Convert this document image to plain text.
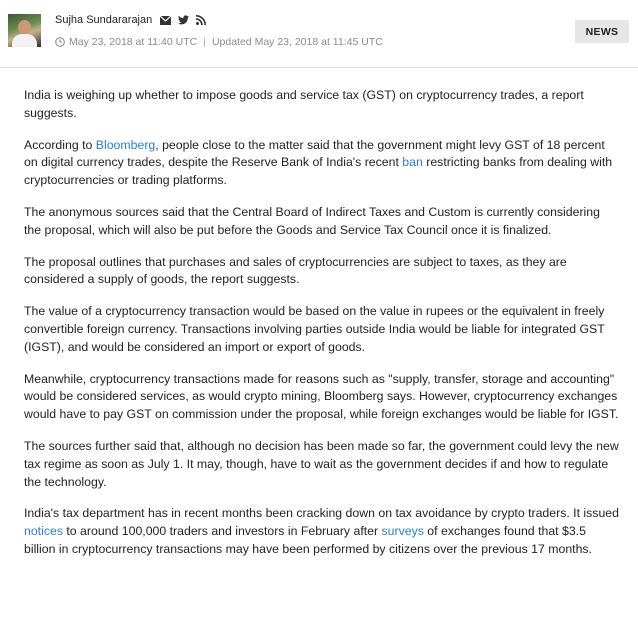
Sujha Sundararajan
May 23, 2018 at 11:40 UTC | Updated
May 23, 2018 at 11:45 UTC
NEWS

India is weighing up whether to impose goods and service tax (GST) on cryptocurrency trades, a report suggests.

According to Bloomberg, people close to the matter said that the government might levy GST of 18 percent on digital currency trades, despite the Reserve Bank of India's recent ban restricting banks from dealing with cryptocurrencies or trading platforms.

The anonymous sources said that the Central Board of Indirect Taxes and Custom is currently considering the proposal, which will also be put before the Goods and Service Tax Council once it is finalized.

The proposal outlines that purchases and sales of cryptocurrencies are subject to taxes, as they are considered a supply of goods, the report suggests.

The value of a cryptocurrency transaction would be based on the value in rupees or the equivalent in freely convertible foreign currency. Transactions involving parties outside India would be liable for integrated GST (IGST), and would be considered an import or export of goods.

Meanwhile, cryptocurrency transactions made for reasons such as "supply, transfer, storage and accounting" would be considered services, as would crypto mining, Bloomberg says. However, cryptocurrency exchanges would have to pay GST on commission under the proposal, while foreign exchanges would be liable for IGST.

The sources further said that, although no decision has been made so far, the government could levy the new tax regime as soon as July 1. It may, though, have to wait as the government decides if and how to regulate the technology.

India's tax department has in recent months been cracking down on tax avoidance by crypto traders. It issued notices to around 100,000 traders and investors in February after surveys of exchanges found that $3.5 billion in cryptocurrency transactions may have been performed by citizens over the previous 17 months.
